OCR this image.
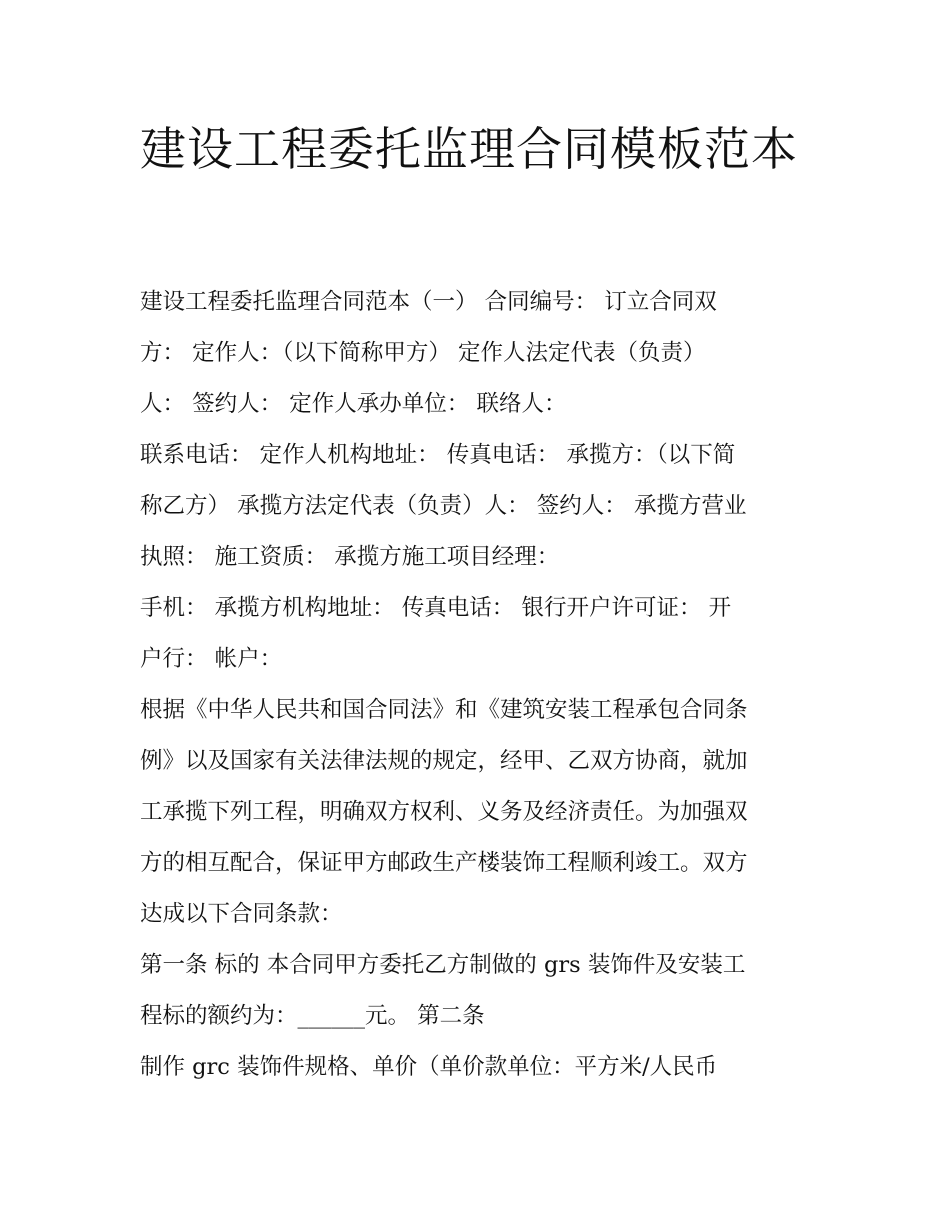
建设工程委托监理合同模板范本

建设工程委托监理合同范本（一） 合同编号： 订立合同双
方： 定作人：（以下简称甲方） 定作人法定代表（负责）
人： 签约人： 定作人承办单位： 联络人：

联系电话： 定作人机构地址： 传真电话： 承揽方：（以下简
称乙方） 承揽方法定代表（负责）人： 签约人： 承揽方营业
执照： 施工资质： 承揽方施工项目经理：

手机： 承揽方机构地址： 传真电话： 银行开户许可证： 开
户行： 帐户：

根据《中华人民共和国合同法》和《建筑安装工程承包合同条
例》以及国家有关法律法规的规定，经甲、乙双方协商，就加
工承揽下列工程，明确双方权利、义务及经济责任。为加强双
方的相互配合，保证甲方邮政生产楼装饰工程顺利竣工。双方
达成以下合同条款：

第一条 标的 本合同甲方委托乙方制做的 grs 装饰件及安装工
程标的额约为：______元。 第二条

制作 grc 装饰件规格、单价（单价款单位：平方米/人民币
